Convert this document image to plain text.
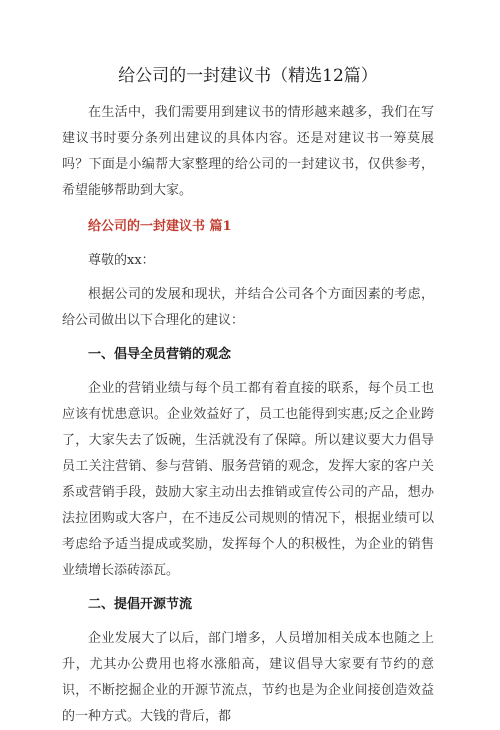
给公司的一封建议书（精选12篇）

在生活中，我们需要用到建议书的情形越来越多，我们在写建议书时要分条列出建议的具体内容。还是对建议书一筹莫展吗？下面是小编帮大家整理的给公司的一封建议书，仅供参考，希望能够帮助到大家。

给公司的一封建议书 篇1

尊敬的xx：

根据公司的发展和现状，并结合公司各个方面因素的考虑，给公司做出以下合理化的建议：

一、倡导全员营销的观念

企业的营销业绩与每个员工都有着直接的联系，每个员工也应该有忧患意识。企业效益好了，员工也能得到实惠;反之企业跨了，大家失去了饭碗，生活就没有了保障。所以建议要大力倡导员工关注营销、参与营销、服务营销的观念，发挥大家的客户关系或营销手段，鼓励大家主动出去推销或宣传公司的产品，想办法拉团购或大客户，在不违反公司规则的情况下，根据业绩可以考虑给予适当提成或奖励，发挥每个人的积极性，为企业的销售业绩增长添砖添瓦。

二、提倡开源节流

企业发展大了以后，部门增多，人员增加相关成本也随之上升，尤其办公费用也将水涨船高，建议倡导大家要有节约的意识，不断挖掘企业的开源节流点，节约也是为企业间接创造效益的一种方式。大钱的背后，都
